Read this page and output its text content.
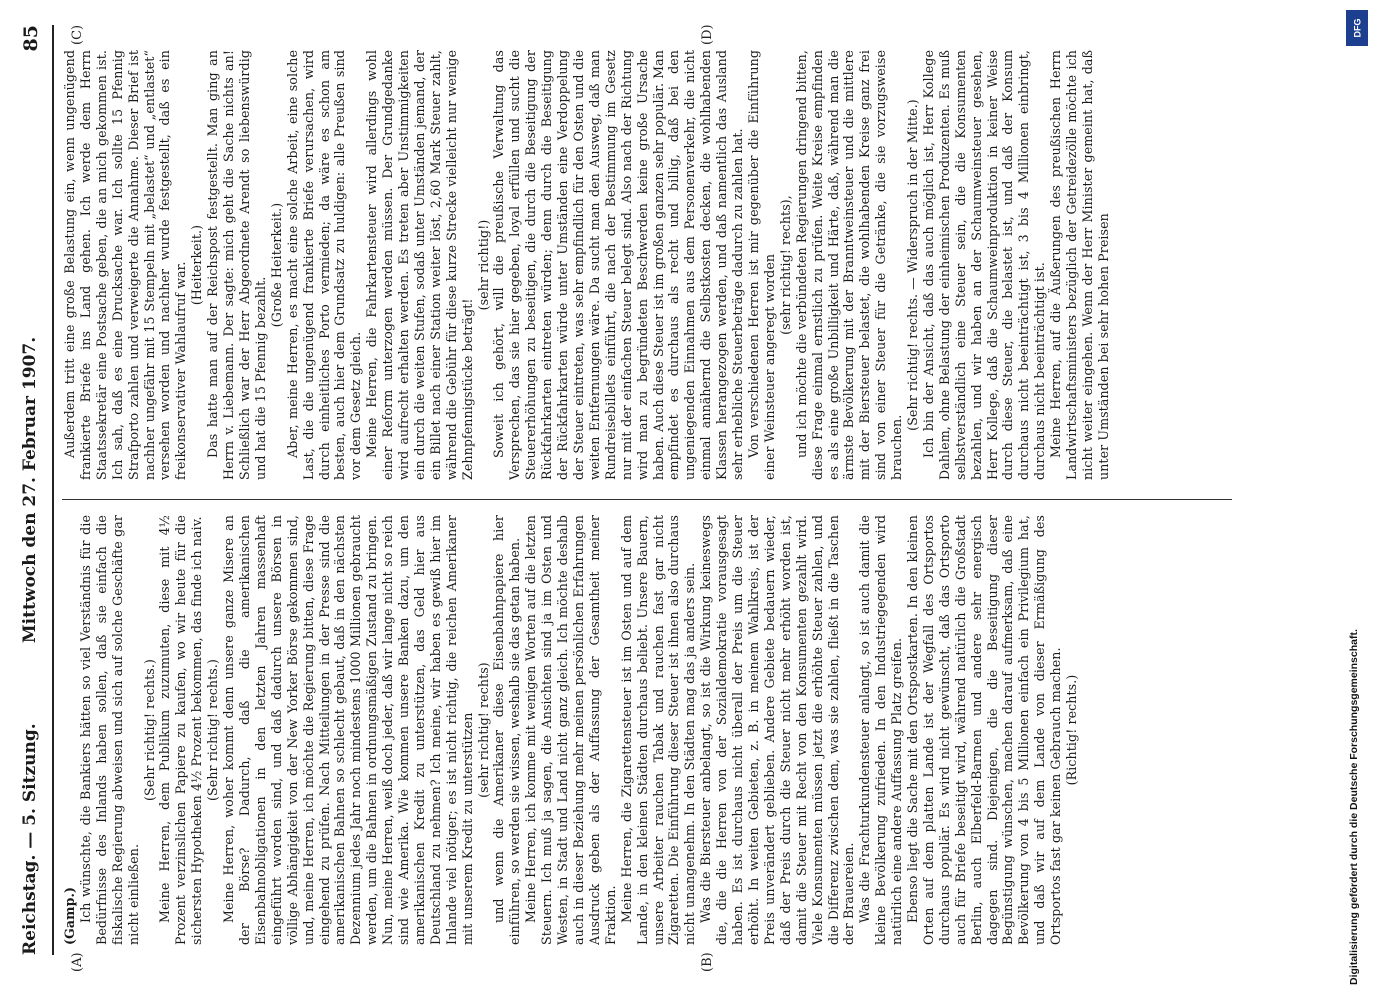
Reichstag. — 5. Sitzung.
Mittwoch den 27. Februar 1907.
85

(Gamp.) Ich wünschte, die Bankiers hätten so viel Verständnis für die Bedürfnisse des Inlands haben sollen, daß sie einfach die fiskalische Regierung abweisen und sich auf solche Geschäfte gar nicht einließen.

(Sehr richtig! rechts.) Meine Herren, dem Publikum zuzumuten, diese mit 4½ Prozent verzinslichen Papiere zu kaufen, wo wir heute für die sichersten Hypotheken 4½ Prozent bekommen, das finde ich naiv. (Sehr richtig! rechts.) Meine Herren, woher kommt denn unsere ganze Misere an der Börse? Dadurch, daß die amerikanischen Eisenbahnobligationen in den letzten Jahren massenhaft eingeführt worden sind, und daß dadurch unsere Börsen in völlige Abhängigkeit von der New Yorker Börse gekommen sind, und, meine Herren, ich möchte die Regierung bitten, diese Frage eingehend zu prüfen. Nach Mitteilungen in der Presse sind die amerikanischen Bahnen so schlecht gebaut, daß in den nächsten Dezennium jedes Jahr noch mindestens 1000 Millionen gebraucht werden, um die Bahnen in ordnungsmäßigen Zustand zu bringen. Nun, meine Herren, weiß doch jeder, daß wir lange nicht so reich sind wie Amerika. Wie kommen unsere Banken dazu, um den amerikanischen Kredit zu unterstützen, das Geld hier aus Deutschland zu nehmen? Ich meine, wir haben es gewiß hier im Inlande viel nötiger; es ist nicht richtig, die reichen Amerikaner mit unserem Kredit zu unterstützen (sehr richtig! rechts) und wenn die Amerikaner diese Eisenbahnpapiere hier einführen, so werden sie wissen, weshalb sie das getan haben. Meine Herren, ich komme mit wenigen Worten auf die letzten Steuern. Ich muß ja sagen, die Ansichten sind ja im Osten und Westen, in Stadt und Land nicht ganz gleich. Ich möchte deshalb auch in dieser Beziehung mehr meinen persönlichen Erfahrungen Ausdruck geben als der Auffassung der Gesamtheit meiner Fraktion. Meine Herren, die Zigarettensteuer ist im Osten und auf dem Lande, in den kleinen Städten durchaus beliebt. Unsere Bauern, unsere Arbeiter rauchen Tabak und rauchen fast gar nicht Zigaretten. Die Einführung dieser Steuer ist ihnen also durchaus nicht unangenehm. In den Städten mag das ja anders sein. Was die Biersteuer anbelangt, so ist die Wirkung keineswegs die, die die Herren von der Sozialdemokratie vorausgesagt haben. Es ist durchaus nicht überall der Preis um die Steuer erhöht. In weiten Gebieten, z. B. in meinem Wahlkreis, ist der Preis unverändert geblieben. Andere Gebiete bedauern wieder, daß der Preis durch die Steuer nicht mehr erhöht worden ist, damit die Steuer mit Recht von den Konsumenten gezahlt wird. Viele Konsumenten müssen jetzt die erhöhte Steuer zahlen, und die Differenz zwischen dem, was sie zahlen, fließt in die Taschen der Brauereien. Was die Frachturkundensteuer anlangt, so ist auch damit die kleine Bevölkerung zufrieden. In den Industriegegenden wird natürlich eine andere Auffassung Platz greifen. Ebenso liegt die Sache mit den Ortspostkarten. In den kleinen Orten auf dem platten Lande ist der Wegfall des Ortsportos durchaus populär. Es wird nicht gewünscht, daß das Ortsporto auch für Briefe beseitigt wird, während natürlich die Großstadt Berlin, auch Elberfeld-Barmen und andere sehr energisch dagegen sind. Diejenigen, die die Beseitigung dieser Begünstigung wünschen, machen darauf aufmerksam, daß eine Bevölkerung von 4 bis 5 Millionen einfach ein Privilegium hat, und daß wir auf dem Lande von dieser Ermäßigung des Ortsportos fast gar keinen Gebrauch machen. (Richtig! rechts.)

Außerdem tritt eine große Belastung ein, wenn ungenügend frankierte Briefe ins Land gehen. Ich werde dem Herrn Staatssekretär eine Postsache geben, die an mich gekommen ist. Ich sah, daß es eine Drucksache war. Ich sollte 15 Pfennig Strafporto zahlen und verweigerte die Annahme. Dieser Brief ist nachher ungefähr mit 15 Stempeln mit „belastet“ und „entlastet“ versehen worden und nachher wurde festgestellt, daß es ein freikonservativer Wahlaufruf war. (Heiterkeit.) Das hatte man auf der Reichspost festgestellt. Man ging an Herrn v. Liebemann. Der sagte: mich geht die Sache nichts an! Schließlich war der Herr Abgeordnete Arendt so liebenswürdig und hat die 15 Pfennig bezahlt.

(Große Heiterkeit.) Aber, meine Herren, es macht eine solche Arbeit, eine solche Last, die die ungenügend frankierte Briefe verursachen, wird durch einheitliches Porto vermieden; da wäre es schon am besten, auch hier dem Grundsatz zu huldigen: alle Preußen sind vor dem Gesetz gleich. Meine Herren, die Fahrkartensteuer wird allerdings wohl einer Reform unterzogen werden müssen. Der Grundgedanke wird aufrecht erhalten werden. Es treten aber Unstimmigkeiten ein durch die weiten Stufen, sodaß unter Umständen jemand, der ein Billet nach einer Station weiter löst, 2,60 Mark Steuer zahlt, während die Gebühr für diese kurze Strecke vielleicht nur wenige Zehnpfennigstücke beträgt!

(sehr richtig!) Soweit ich gehört, will die preußische Verwaltung das Versprechen, das sie hier gegeben, loyal erfüllen und sucht die Steuererhöhungen zu beseitigen, die durch die Beseitigung der Rückfahrkarten eintreten würden; denn durch die Beseitigung der Rückfahrkarten würde unter Umständen eine Verdoppelung der Steuer eintreten, was sehr empfindlich für den Osten und die weiten Entfernungen wäre. Da sucht man den Ausweg, daß man Rundreisebillets einführt, die nach der Bestimmung im Gesetz nur mit der einfachen Steuer belegt sind. Also nach der Richtung wird man zu begründeten Beschwerden keine große Ursache haben. Auch diese Steuer ist im großen ganzen sehr populär. Man empfindet es durchaus als recht und billig, daß bei den ungeniegenden Einnahmen aus dem Personenverkehr, die nicht einmal annähernd die Selbstkosten decken, die wohlhabenden Klassen herangezogen werden, und daß namentlich das Ausland sehr erhebliche Steuerbeträge dadurch zu zahlen hat. Von verschiedenen Herren ist mir gegenüber die Einführung einer Weinsteuer angeregt worden (sehr richtig! rechts), und ich möchte die verbündeten Regierungen dringend bitten, diese Frage einmal ernstlich zu prüfen. Weite Kreise empfinden es als eine große Unbilligkeit und Härte, daß, während man die ärmste Bevölkerung mit der Branntweinsteuer und die mittlere mit der Biersteuer belastet, die wohlhabenden Kreise ganz frei sind von einer Steuer für die Getränke, die sie vorzugsweise brauchen.

(Sehr richtig! rechts. — Widerspruch in der Mitte.) Ich bin der Ansicht, daß das auch möglich ist, Herr Kollege Dahlem, ohne Belastung der einheimischen Produzenten. Es muß selbstverständlich eine Steuer sein, die die Konsumenten bezahlen, und wir haben an der Schaumweinsteuer gesehen, Herr Kollege, daß die Schaumweinproduktion in keiner Weise durch diese Steuer, die belastet ist, und daß der Konsum durchaus nicht beeinträchtigt ist, 3 bis 4 Millionen einbringt, durchaus nicht beeinträchtigt ist. Meine Herren, auf die Äußerungen des preußischen Herrn Landwirtschaftsministers bezüglich der Getreidezölle möchte ich nicht weiter eingehen. Wenn der Herr Minister gemeint hat, daß unter Umständen bei sehr hohen Preisen

(A)	(B)
(C)	(D)	DFG
Digitalisierung gefördert durch die Deutsche Forschungsgemeinschaft.
